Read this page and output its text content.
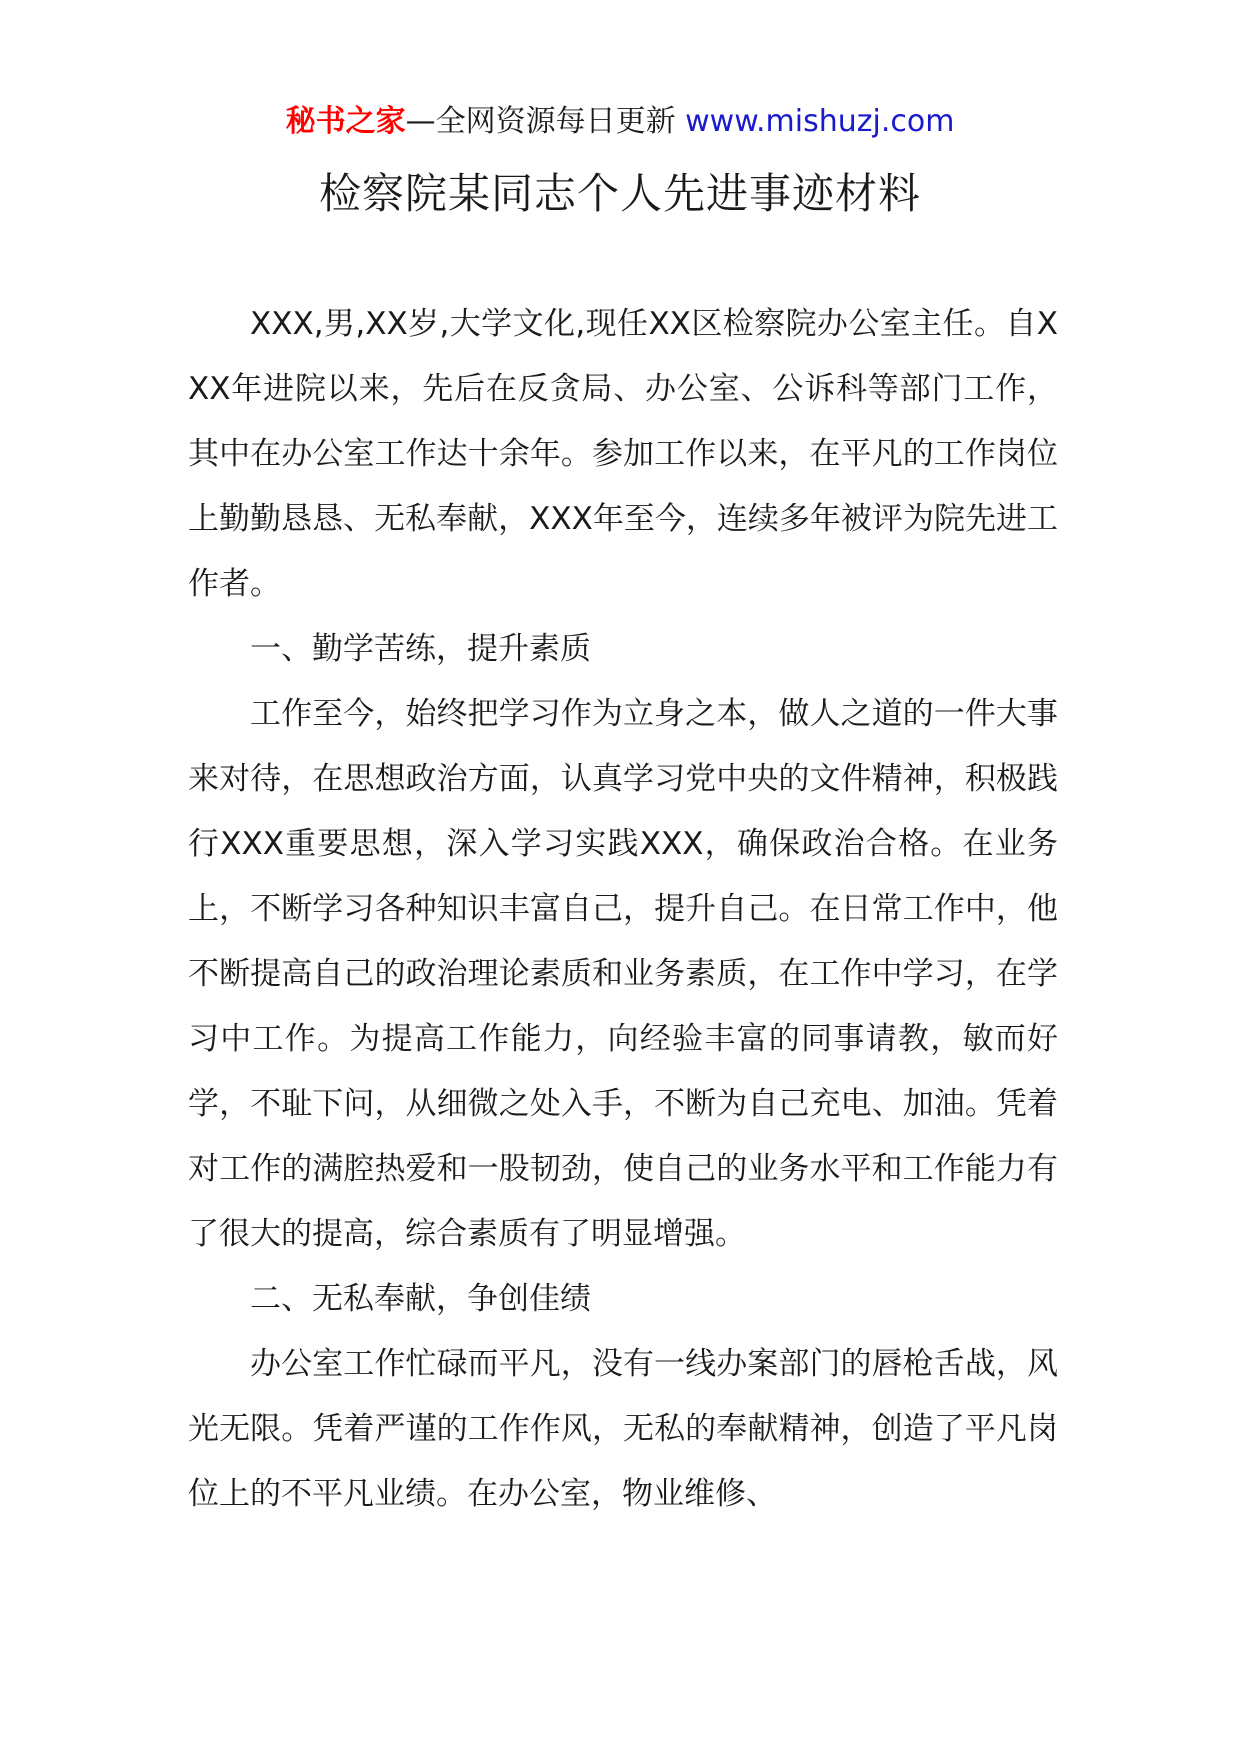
秘书之家—全网资源每日更新 www.mishuzj.com
检察院某同志个人先进事迹材料

XXX,男,XX岁,大学文化,现任XX区检察院办公室主任。自XXX年进院以来，先后在反贪局、办公室、公诉科等部门工作，其中在办公室工作达十余年。参加工作以来，在平凡的工作岗位上勤勤恳恳、无私奉献，XXX年至今，连续多年被评为院先进工作者。

一、勤学苦练，提升素质

工作至今，始终把学习作为立身之本，做人之道的一件大事来对待，在思想政治方面，认真学习党中央的文件精神，积极践行XXX重要思想，深入学习实践XXX，确保政治合格。在业务上，不断学习各种知识丰富自己，提升自己。在日常工作中，他不断提高自己的政治理论素质和业务素质，在工作中学习，在学习中工作。为提高工作能力，向经验丰富的同事请教，敏而好学，不耻下问，从细微之处入手，不断为自己充电、加油。凭着对工作的满腔热爱和一股韧劲，使自己的业务水平和工作能力有了很大的提高，综合素质有了明显增强。

二、无私奉献，争创佳绩

办公室工作忙碌而平凡，没有一线办案部门的唇枪舌战，风光无限。凭着严谨的工作作风，无私的奉献精神，创造了平凡岗位上的不平凡业绩。在办公室，物业维修、
